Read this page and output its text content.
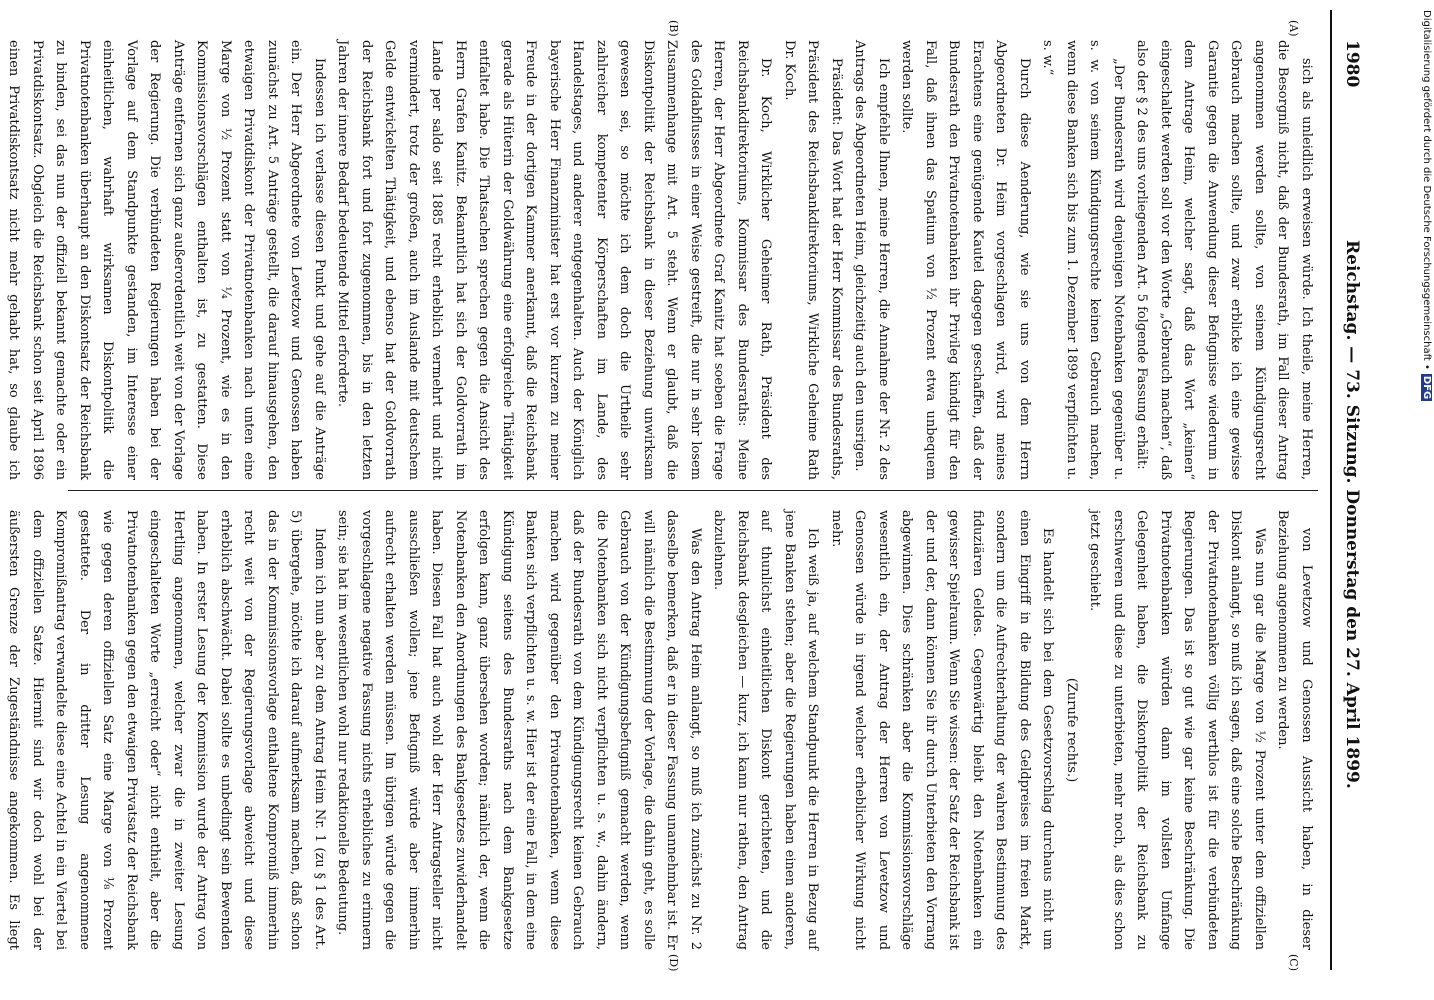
1980
Reichstag. — 73. Sitzung. Donnerstag den 27. April 1899.
(A)
(B)
(C)
(D)

sich als unleidlich erweisen würde. Ich theile, meine Herren, die Besorgniß nicht, daß der Bundesrath, im Fall dieser Antrag angenommen werden sollte, von seinem Kündigungsrecht Gebrauch machen sollte, und zwar erblicke ich eine gewisse Garantie gegen die Anwendung dieser Befugnisse wiederum in dem Antrage Heim, welcher sagt, daß das Wort „keinen“ eingeschaltet werden soll vor den Worte „Gebrauch machen“, daß also der § 2 des uns vorliegenden Art. 5 folgende Fassung erhält:

„Der Bundesrath wird denjenigen Notenbanken gegenüber u. s. w. von seinem Kündigungsrechte keinen Gebrauch machen, wenn diese Banken sich bis zum 1. Dezember 1899 verpflichten u. s. w.“

Durch diese Aenderung, wie sie uns von dem Herrn Abgeordneten Dr. Heim vorgeschlagen wird, wird meines Erachtens eine genügende Kautel dagegen geschaffen, daß der Bundesrath den Privatnotenbanken ihr Privileg kündigt für den Fall, daß ihnen das Spatium von ½ Prozent etwa unbequem werden sollte.

Ich empfehle Ihnen, meine Herren, die Annahme der Nr. 2 des Antrags des Abgeordneten Heim, gleichzeitig auch den unsrigen.

Präsident: Das Wort hat der Herr Kommissar des Bundesraths, Präsident des Reichsbankdirektoriums, Wirkliche Geheime Rath Dr. Koch.

Dr. Koch, Wirklicher Geheimer Rath, Präsident des Reichsbankdirektoriums, Kommissar des Bundesraths: Meine Herren, der Herr Abgeordnete Graf Kanitz hat soeben die Frage des Goldabflusses in einer Weise gestreift, die nur in sehr losem Zusammenhange mit Art. 5 steht. Wenn er glaubt, daß die Diskontpolitik der Reichsbank in dieser Beziehung unwirksam gewesen sei, so möchte ich dem doch die Urtheile sehr zahlreicher kompetenter Körperschaften im Lande, des Handelstages, und anderer entgegenhalten. Auch der Königlich bayerische Herr Finanzminister hat erst vor kurzem zu meiner Freude in der dortigen Kammer anerkannt, daß die Reichsbank gerade als Hüterin der Goldwährung eine erfolgreiche Thätigkeit entfaltet habe. Die Thatsachen sprechen gegen die Ansicht des Herrn Grafen Kanitz. Bekanntlich hat sich der Goldvorrath im Lande per saldo seit 1885 recht erheblich vermehrt und nicht vermindert, trotz der großen, auch im Auslande mit deutschem Gelde entwickelten Thätigkeit, und ebenso hat der Goldvorrath der Reichsbank fort und fort zugenommen, bis in den letzten Jahren der innere Bedarf bedeutende Mittel erforderte.

Indessen ich verlasse diesen Punkt und gehe auf die Anträge ein. Der Herr Abgeordnete von Levetzow und Genossen haben zunächst zu Art. 5 Anträge gestellt, die darauf hinausgehen, den etwaigen Privatdiskont der Privatnotenbanken nach unten eine Marge von ½ Prozent statt von ¼ Prozent, wie es in den Kommissionsvorschlägen enthalten ist, zu gestatten. Diese Anträge entfernen sich ganz außerordentlich weit von der Vorlage der Regierung. Die verbündeten Regierungen haben bei der Vorlage auf dem Standpunkte gestanden, im Interesse einer einheitlichen, wahrhaft wirksamen Diskontpolitik die Privatnotenbanken überhaupt an den Diskontsatz der Reichsbank zu binden, sei das nun der offiziell bekannt gemachte oder ein Privatdiskontsatz. Obgleich die Reichsbank schon seit April 1896 einen Privatdiskontsatz nicht mehr gehabt hat, so glaube ich

von Levetzow und Genossen Aussicht haben, in dieser Beziehung angenommen zu werden.

Was nun gar die Marge von ½ Prozent unter dem offiziellen Diskont anlangt, so muß ich sagen, daß eine solche Beschränkung der Privatnotenbanken völlig werthlos ist für die verbündeten Regierungen. Das ist so gut wie gar keine Beschränkung. Die Privatnotenbanken würden dann im vollsten Umfange Gelegenheit haben, die Diskontpolitik der Reichsbank zu erschweren und diese zu unterbieten, mehr noch, als dies schon jetzt geschieht.

(Zurufe rechts.)

Es handelt sich bei dem Gesetzvorschlag durchaus nicht um einen Eingriff in die Bildung des Geldpreises im freien Markt, sondern um die Aufrechterhaltung der wahren Bestimmung des fiduziären Geldes. Gegenwärtig bleibt den Notenbanken ein gewisser Spielraum. Wenn Sie wissen: der Satz der Reichsbank ist der und der, dann können Sie ihr durch Unterbieten den Vorrang abgewinnen. Dies schränken aber die Kommissionsvorschläge wesentlich ein, der Antrag der Herren von Levetzow und Genossen würde in irgend welcher erheblicher Wirkung nicht mehr.

Ich weiß ja, auf welchem Standpunkt die Herren in Bezug auf jene Banken stehen; aber die Regierungen haben einen anderen, auf thunlichst einheitlichen Diskont gerichteten, und die Reichsbank desgleichen — kurz, ich kann nur rathen, den Antrag abzulehnen.

Was den Antrag Heim anlangt, so muß ich zunächst zu Nr. 2 dasselbe bemerken, daß er in dieser Fassung unannehmbar ist. Er will nämlich die Bestimmung der Vorlage, die dahin geht, es solle Gebrauch von der Kündigungsbefugniß gemacht werden, wenn die Notenbanken sich nicht verpflichten u. s. w., dahin ändern, daß der Bundesrath von dem Kündigungsrecht keinen Gebrauch machen wird gegenüber den Privatnotenbanken, wenn diese Banken sich verpflichten u. s. w. Hier ist der eine Fall, in dem eine Kündigung seitens des Bundesraths nach dem Bankgesetze erfolgen kann, ganz übersehen worden; nämlich der, wenn die Notenbanken den Anordnungen des Bankgesetzes zuwiderhandelt haben. Diesen Fall hat auch wohl der Herr Antragsteller nicht ausschließen wollen; jene Befugniß würde aber immerhin aufrecht erhalten werden müssen. Im übrigen würde gegen die vorgeschlagene negative Fassung nichts erhebliches zu erinnern sein; sie hat im wesentlichen wohl nur redaktionelle Bedeutung.

Indem ich nun aber zu dem Antrag Heim Nr. 1 (zu § 1 des Art. 5) übergehe, möchte ich darauf aufmerksam machen, daß schon das in der Kommissionsvorlage enthaltene Kompromiß immerhin recht weit von der Regierungsvorlage abweicht und diese erheblich abschwächt. Dabei sollte es unbedingt sein Bewenden haben. In erster Lesung der Kommission wurde der Antrag von Hertling angenommen, welcher zwar die in zweiter Lesung eingeschalteten Worte „erreicht oder“ nicht enthielt, aber die Privatnotenbanken gegen den etwaigen Privatsatz der Reichsbank wie gegen deren offiziellen Satz eine Marge von ⅛ Prozent gestattete. Der in dritter Lesung angenommene Kompromißantrag verwandelte diese eine Achtel in ein Viertel bei dem offiziellen Satze. Hiermit sind wir doch wohl bei der äußersten Grenze der Zugeständnisse angekommen. Es liegt

Digitalisierung gefördert durch die Deutsche Forschungsgemeinschaft •DFG
